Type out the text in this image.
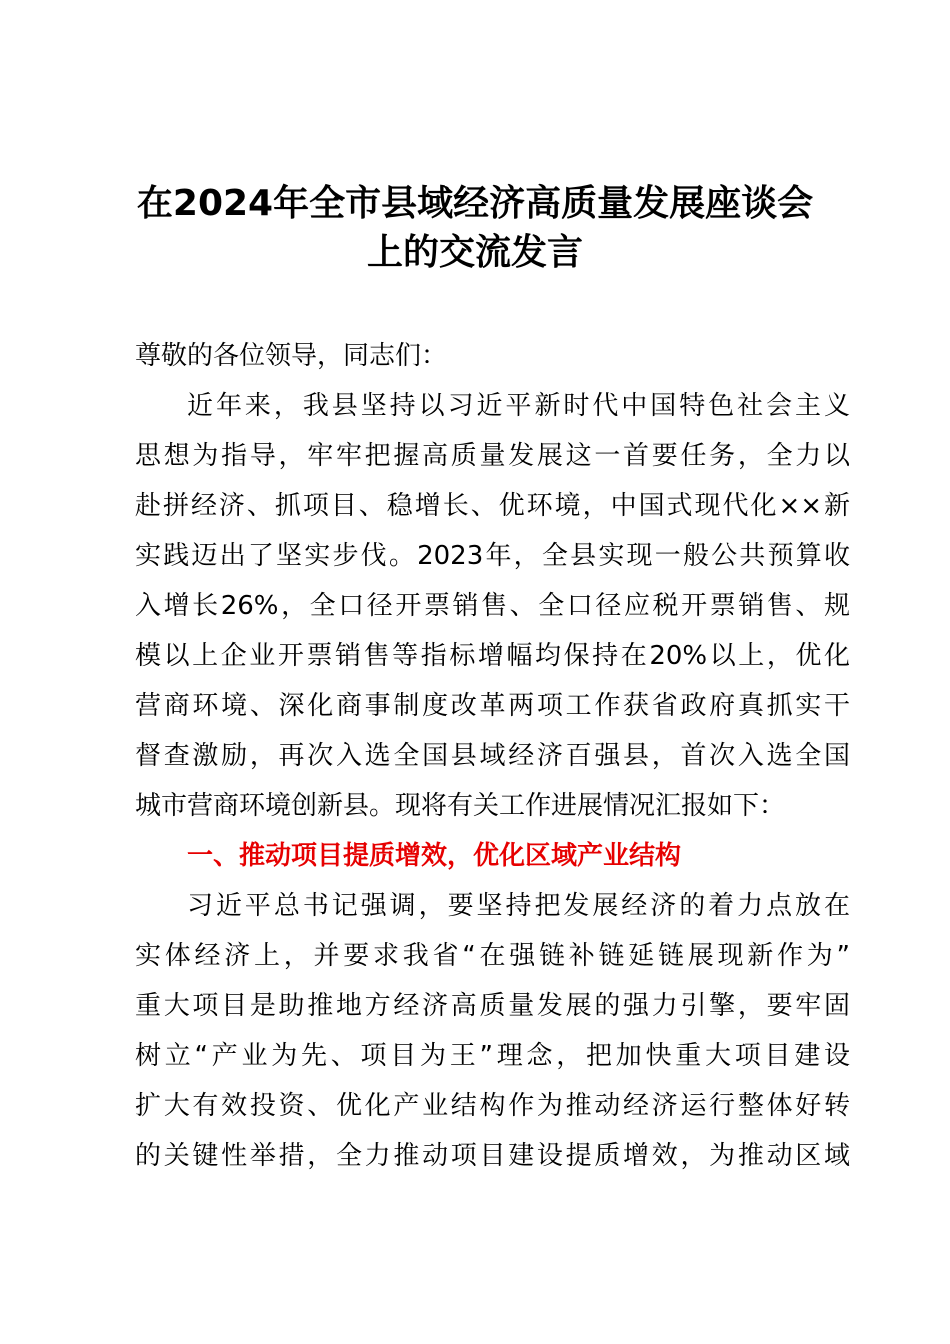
在2024年全市县域经济高质量发展座谈会
上的交流发言
尊敬的各位领导，同志们：
近年来，我县坚持以习近平新时代中国特色社会主义
思想为指导，牢牢把握高质量发展这一首要任务，全力以
赴拼经济、抓项目、稳增长、优环境，中国式现代化××新
实践迈出了坚实步伐。2023年，全县实现一般公共预算收
入增长26%，全口径开票销售、全口径应税开票销售、规
模以上企业开票销售等指标增幅均保持在20%以上，优化
营商环境、深化商事制度改革两项工作获省政府真抓实干
督查激励，再次入选全国县域经济百强县，首次入选全国
城市营商环境创新县。现将有关工作进展情况汇报如下：
一、推动项目提质增效，优化区域产业结构
习近平总书记强调，要坚持把发展经济的着力点放在
实体经济上，并要求我省“在强链补链延链展现新作为”
重大项目是助推地方经济高质量发展的强力引擎，要牢固
树立“产业为先、项目为王”理念，把加快重大项目建设
扩大有效投资、优化产业结构作为推动经济运行整体好转
的关键性举措，全力推动项目建设提质增效，为推动区域
